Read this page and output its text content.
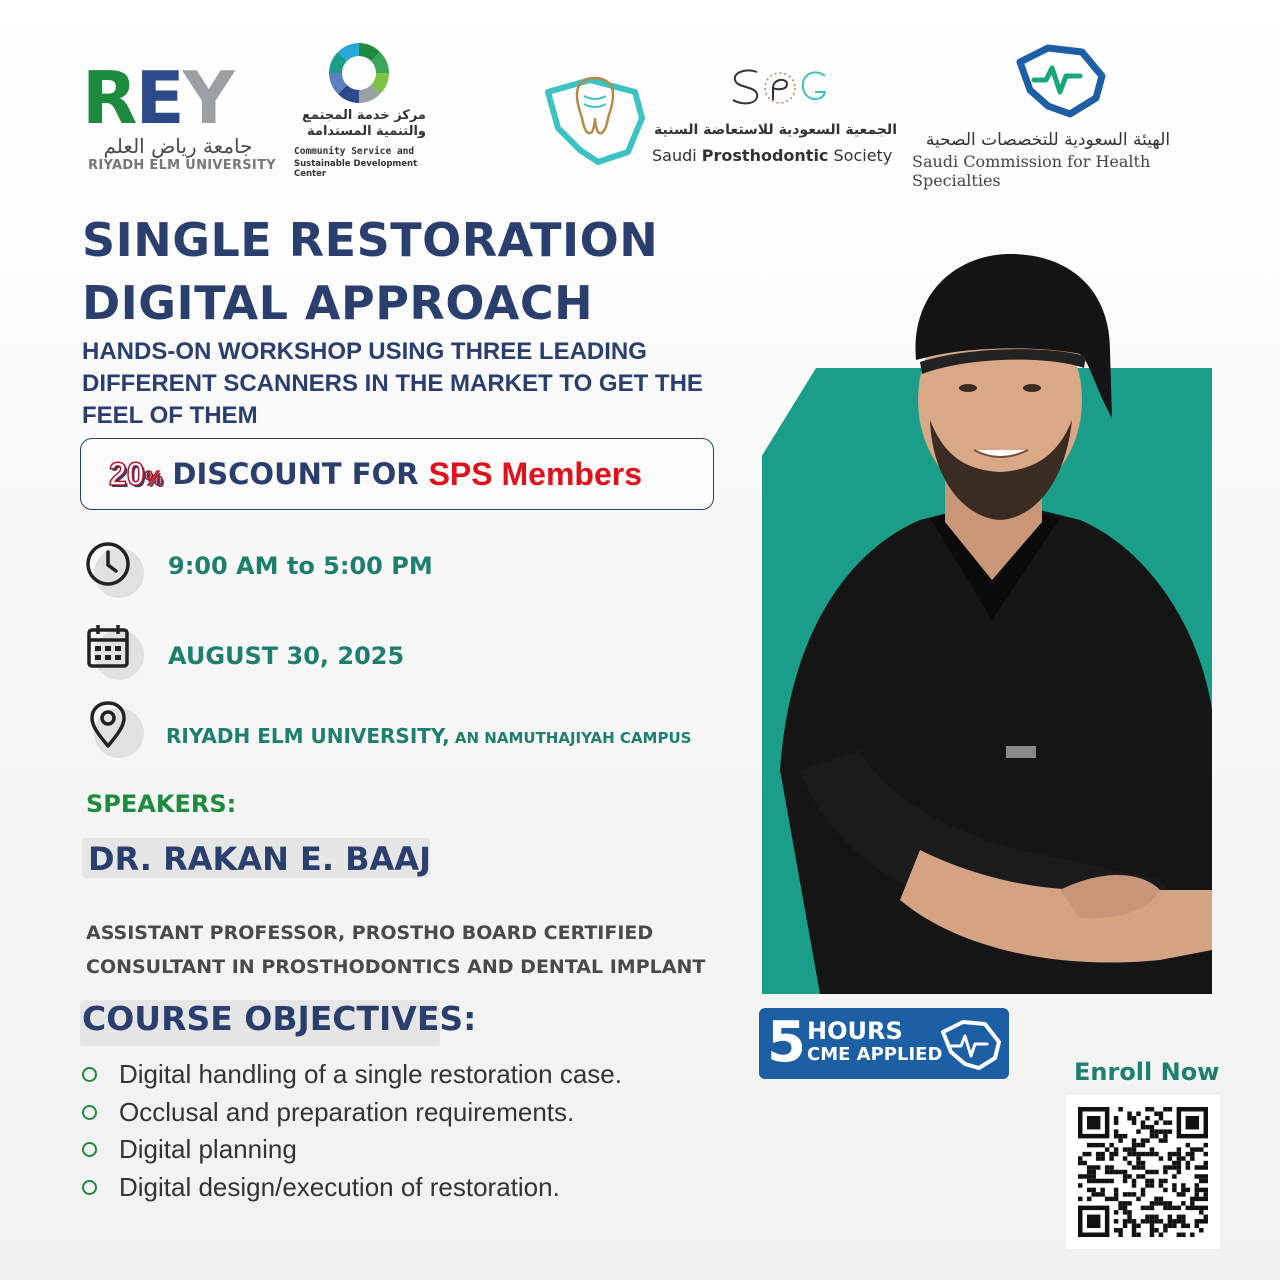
REY
جامعة رياض العلم
RIYADH ELM UNIVERSITY
مركز خدمة المجتمع
والتنمية المستدامة
Community Service and
Sustainable Development Center
الجمعية السعودية للاستعاضة السنية
Saudi Prosthodontic Society
الهيئة السعودية للتخصصات الصحية
Saudi Commission for Health Specialties
SINGLE RESTORATION
DIGITAL APPROACH
HANDS-ON WORKSHOP USING THREE LEADING DIFFERENT SCANNERS IN THE MARKET TO GET THE FEEL OF THEM
20% DISCOUNT FOR SPS Members
9:00 AM to 5:00 PM
AUGUST 30, 2025
RIYADH ELM UNIVERSITY, AN NAMUTHAJIYAH CAMPUS
SPEAKERS:
DR. RAKAN E. BAAJ
ASSISTANT PROFESSOR, PROSTHO BOARD CERTIFIED CONSULTANT IN PROSTHODONTICS AND DENTAL IMPLANT
COURSE OBJECTIVES:
Digital handling of a single restoration case.
Occlusal and preparation requirements.
Digital planning
Digital design/execution of restoration.
5 HOURS
CME APPLIED
Enroll Now
